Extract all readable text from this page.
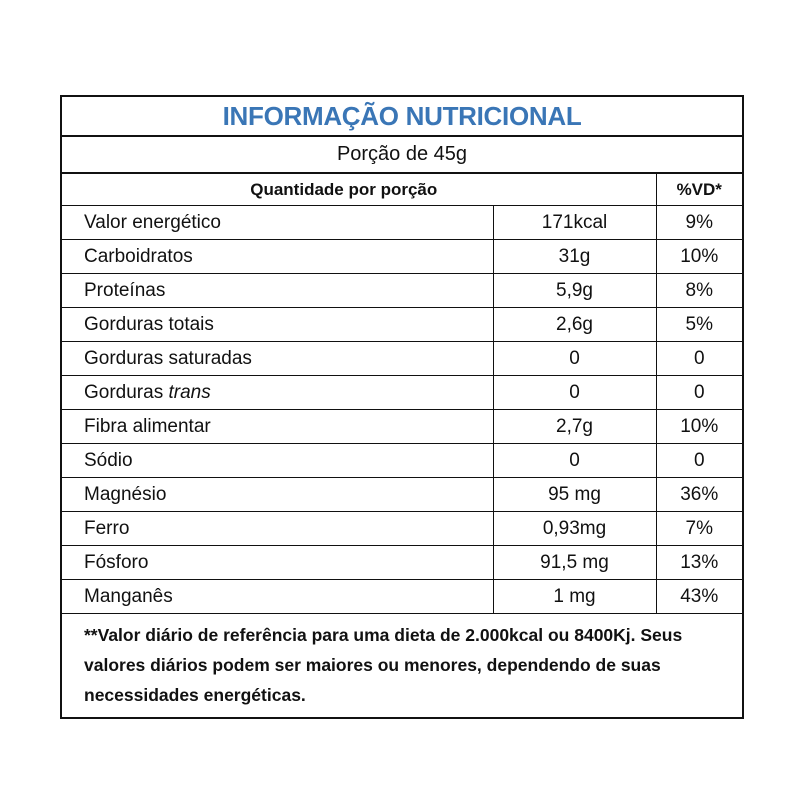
INFORMAÇÃO NUTRICIONAL
Porção de 45g
Quantidade por porção		%VD*
Valor energético	171kcal	9%
Carboidratos	31g	10%
Proteínas	5,9g	8%
Gorduras totais	2,6g	5%
Gorduras saturadas	0	0
Gorduras trans	0	0
Fibra alimentar	2,7g	10%
Sódio	0	0
Magnésio	95 mg	36%
Ferro	0,93mg	7%
Fósforo	91,5 mg	13%
Manganês	1 mg	43%
**Valor diário de referência para uma dieta de 2.000kcal ou 8400Kj. Seus valores diários podem ser maiores ou menores, dependendo de suas necessidades energéticas.
